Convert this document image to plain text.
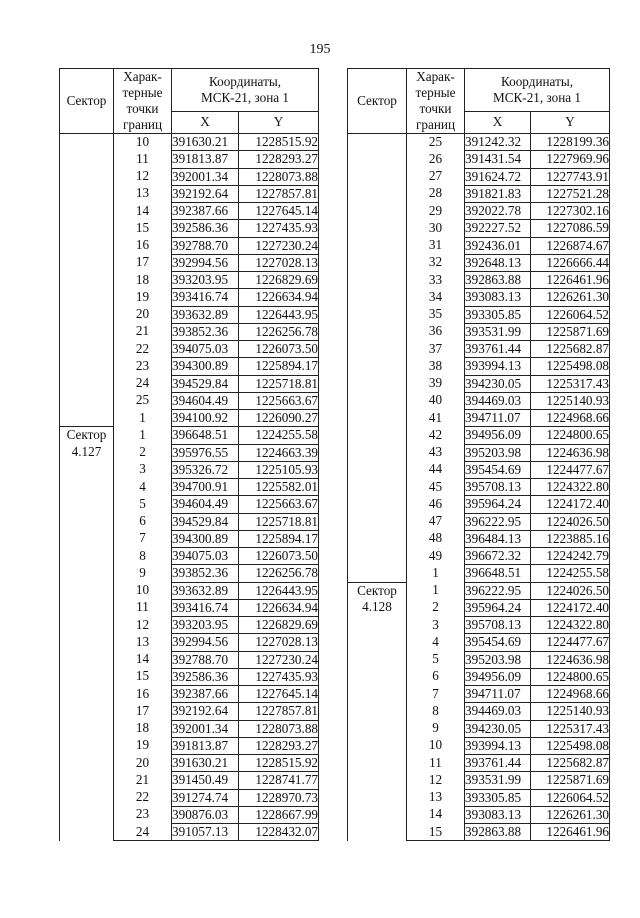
195
Сектор	Харак-
терные
точки
границ	Координаты,
МСК-21, зона 1	
		X	Y
	10	391630.21	1228515.92
	11	391813.87	1228293.27
	12	392001.34	1228073.88
	13	392192.64	1227857.81
	14	392387.66	1227645.14
	15	392586.36	1227435.93
	16	392788.70	1227230.24
	17	392994.56	1227028.13
	18	393203.95	1226829.69
	19	393416.74	1226634.94
	20	393632.89	1226443.95
	21	393852.36	1226256.78
	22	394075.03	1226073.50
	23	394300.89	1225894.17
	24	394529.84	1225718.81
	25	394604.49	1225663.67
	1	394100.92	1226090.27
Сектор
4.127	1	396648.51	1224255.58
	2	395976.55	1224663.39
	3	395326.72	1225105.93
	4	394700.91	1225582.01
	5	394604.49	1225663.67
	6	394529.84	1225718.81
	7	394300.89	1225894.17
	8	394075.03	1226073.50
	9	393852.36	1226256.78
	10	393632.89	1226443.95
	11	393416.74	1226634.94
	12	393203.95	1226829.69
	13	392994.56	1227028.13
	14	392788.70	1227230.24
	15	392586.36	1227435.93
	16	392387.66	1227645.14
	17	392192.64	1227857.81
	18	392001.34	1228073.88
	19	391813.87	1228293.27
	20	391630.21	1228515.92
	21	391450.49	1228741.77
	22	391274.74	1228970.73
	23	390876.03	1228667.99
	24	391057.13	1228432.07
Сектор	Харак-
терные
точки
границ	Координаты,
МСК-21, зона 1	
		X	Y
	25	391242.32	1228199.36
	26	391431.54	1227969.96
	27	391624.72	1227743.91
	28	391821.83	1227521.28
	29	392022.78	1227302.16
	30	392227.52	1227086.59
	31	392436.01	1226874.67
	32	392648.13	1226666.44
	33	392863.88	1226461.96
	34	393083.13	1226261.30
	35	393305.85	1226064.52
	36	393531.99	1225871.69
	37	393761.44	1225682.87
	38	393994.13	1225498.08
	39	394230.05	1225317.43
	40	394469.03	1225140.93
	41	394711.07	1224968.66
	42	394956.09	1224800.65
	43	395203.98	1224636.98
	44	395454.69	1224477.67
	45	395708.13	1224322.80
	46	395964.24	1224172.40
	47	396222.95	1224026.50
	48	396484.13	1223885.16
	49	396672.32	1224242.79
	1	396648.51	1224255.58
Сектор
4.128	1	396222.95	1224026.50
	2	395964.24	1224172.40
	3	395708.13	1224322.80
	4	395454.69	1224477.67
	5	395203.98	1224636.98
	6	394956.09	1224800.65
	7	394711.07	1224968.66
	8	394469.03	1225140.93
	9	394230.05	1225317.43
	10	393994.13	1225498.08
	11	393761.44	1225682.87
	12	393531.99	1225871.69
	13	393305.85	1226064.52
	14	393083.13	1226261.30
	15	392863.88	1226461.96
